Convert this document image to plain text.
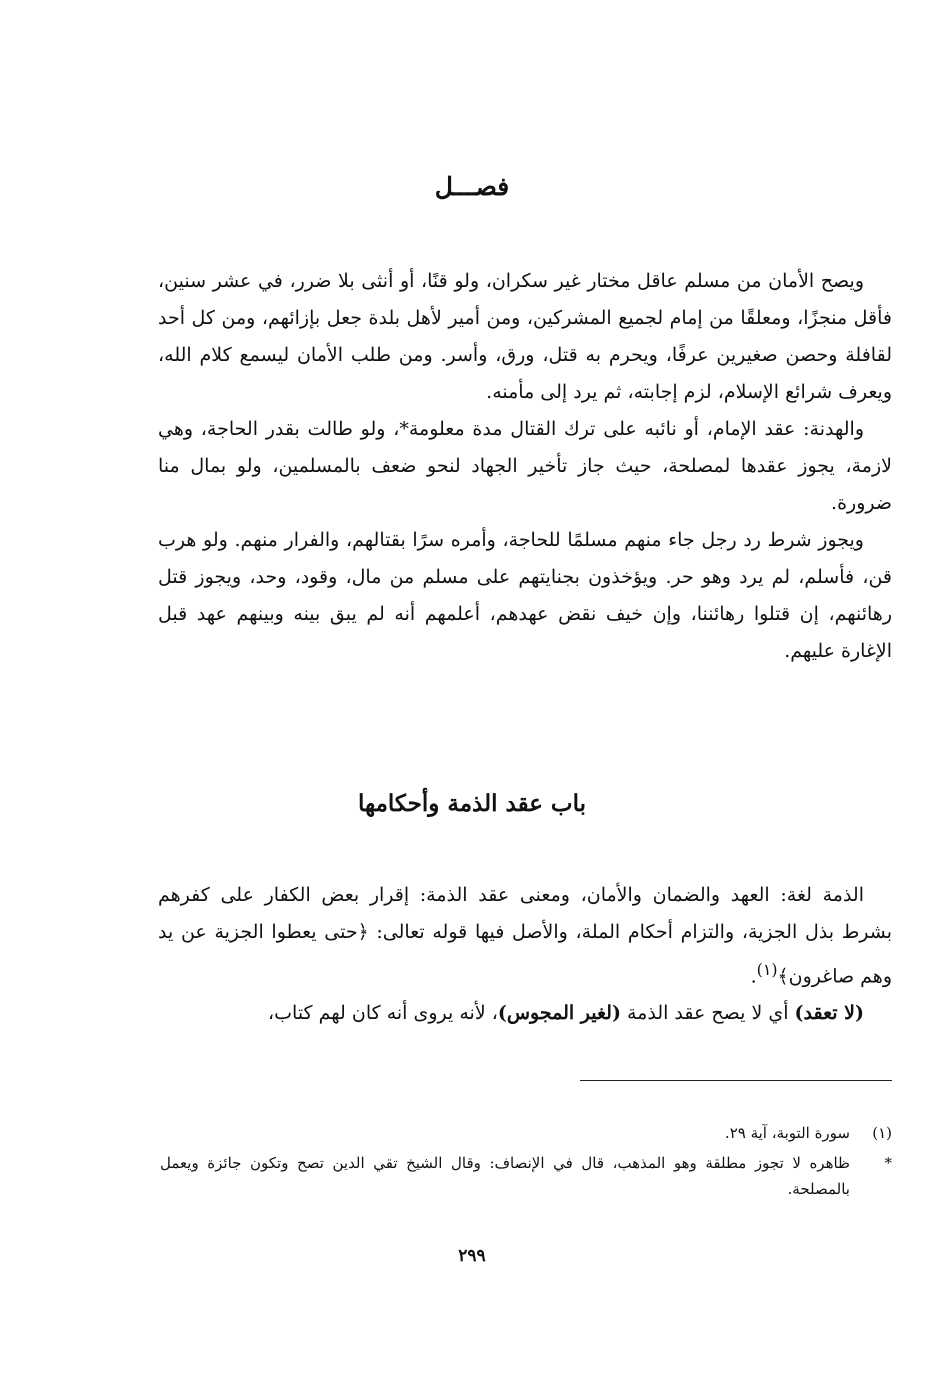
فصـــل

ويصح الأمان من مسلم عاقل مختار غير سكران، ولو قنًا، أو أنثى بلا ضرر، في عشر سنين، فأقل منجزًا، ومعلقًا من إمام لجميع المشركين، ومن أمير لأهل بلدة جعل بإزائهم، ومن كل أحد لقافلة وحصن صغيرين عرفًا، ويحرم به قتل، ورق، وأسر. ومن طلب الأمان ليسمع كلام الله، ويعرف شرائع الإسلام، لزم إجابته، ثم يرد إلى مأمنه.

والهدنة: عقد الإمام، أو نائبه على ترك القتال مدة معلومة*، ولو طالت بقدر الحاجة، وهي لازمة، يجوز عقدها لمصلحة، حيث جاز تأخير الجهاد لنحو ضعف بالمسلمين، ولو بمال منا ضرورة.

ويجوز شرط رد رجل جاء منهم مسلمًا للحاجة، وأمره سرًا بقتالهم، والفرار منهم. ولو هرب قن، فأسلم، لم يرد وهو حر. ويؤخذون بجنايتهم على مسلم من مال، وقود، وحد، ويجوز قتل رهائنهم، إن قتلوا رهائننا، وإن خيف نقض عهدهم، أعلمهم أنه لم يبق بينه وبينهم عهد قبل الإغارة عليهم.

باب عقد الذمة وأحكامها

الذمة لغة: العهد والضمان والأمان، ومعنى عقد الذمة: إقرار بعض الكفار على كفرهم بشرط بذل الجزية، والتزام أحكام الملة، والأصل فيها قوله تعالى: ﴿حتى يعطوا الجزية عن يد وهم صاغرون﴾$^{(١)}$.

(لا تعقد) أي لا يصح عقد الذمة (لغير المجوس)، لأنه يروى أنه كان لهم كتاب،

(١)
سورة التوبة، آية ٢٩.
*
ظاهره لا تجوز مطلقة وهو المذهب، قال في الإنصاف: وقال الشيخ تقي الدين تصح وتكون جائزة ويعمل بالمصلحة.
٢٩٩
